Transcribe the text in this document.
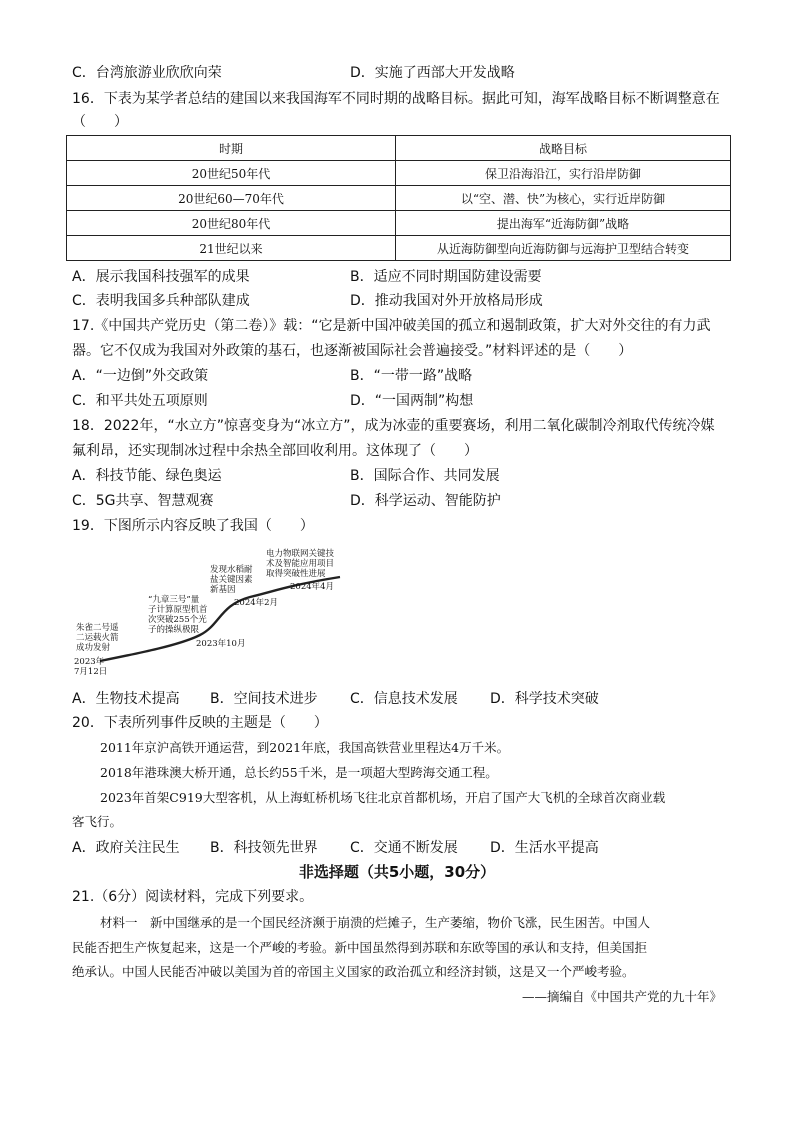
C．台湾旅游业欣欣向荣	D．实施了西部大开发战略
16．下表为某学者总结的建国以来我国海军不同时期的战略目标。据此可知，海军战略目标不断调整意在
（　　）
时期	战略目标
20世纪50年代	保卫沿海沿江，实行沿岸防御
20世纪60—70年代	以“空、潜、快”为核心，实行近岸防御
20世纪80年代	提出海军“近海防御”战略
21世纪以来	从近海防御型向近海防御与远海护卫型结合转变
A．展示我国科技强军的成果	B．适应不同时期国防建设需要
C．表明我国多兵种部队建成	D．推动我国对外开放格局形成
17.《中国共产党历史（第二卷）》载：“它是新中国冲破美国的孤立和遏制政策，扩大对外交往的有力武
器。它不仅成为我国对外政策的基石，也逐渐被国际社会普遍接受。”材料评述的是（　　）
A．“一边倒”外交政策	B．“一带一路”战略
C．和平共处五项原则	D．“一国两制”构想
18．2022年，“水立方”惊喜变身为“冰立方”，成为冰壶的重要赛场，利用二氧化碳制冷剂取代传统冷媒
氟利昂，还实现制冰过程中余热全部回收利用。这体现了（　　）
A．科技节能、绿色奥运	B．国际合作、共同发展
C．5G共享、智慧观赛	D．科学运动、智能防护
19．下图所示内容反映了我国（　　）
朱雀二号遥
二运载火箭
成功发射
2023年
7月12日
“九章三号”量
子计算原型机首
次突破255个光
子的操纵极限
2023年10月
发现水稻耐
盐关键因素
新基因
2024年2月
电力物联网关键技
术及智能应用项目
取得突破性进展
2024年4月
A．生物技术提高 B．空间技术进步 C．信息技术发展 D．科学技术突破
20．下表所列事件反映的主题是（　　）
2011年京沪高铁开通运营，到2021年底，我国高铁营业里程达4万千米。
2018年港珠澳大桥开通，总长约55千米，是一项超大型跨海交通工程。
2023年首架C919大型客机，从上海虹桥机场飞往北京首都机场，开启了国产大飞机的全球首次商业载
客飞行。
A．政府关注民生 B．科技领先世界 C．交通不断发展 D．生活水平提高
非选择题（共5小题，30分）
21.（6分）阅读材料，完成下列要求。
材料一　新中国继承的是一个国民经济濒于崩溃的烂摊子，生产萎缩，物价飞涨，民生困苦。中国人
民能否把生产恢复起来，这是一个严峻的考验。新中国虽然得到苏联和东欧等国的承认和支持，但美国拒
绝承认。中国人民能否冲破以美国为首的帝国主义国家的政治孤立和经济封锁，这是又一个严峻考验。
——摘编自《中国共产党的九十年》
